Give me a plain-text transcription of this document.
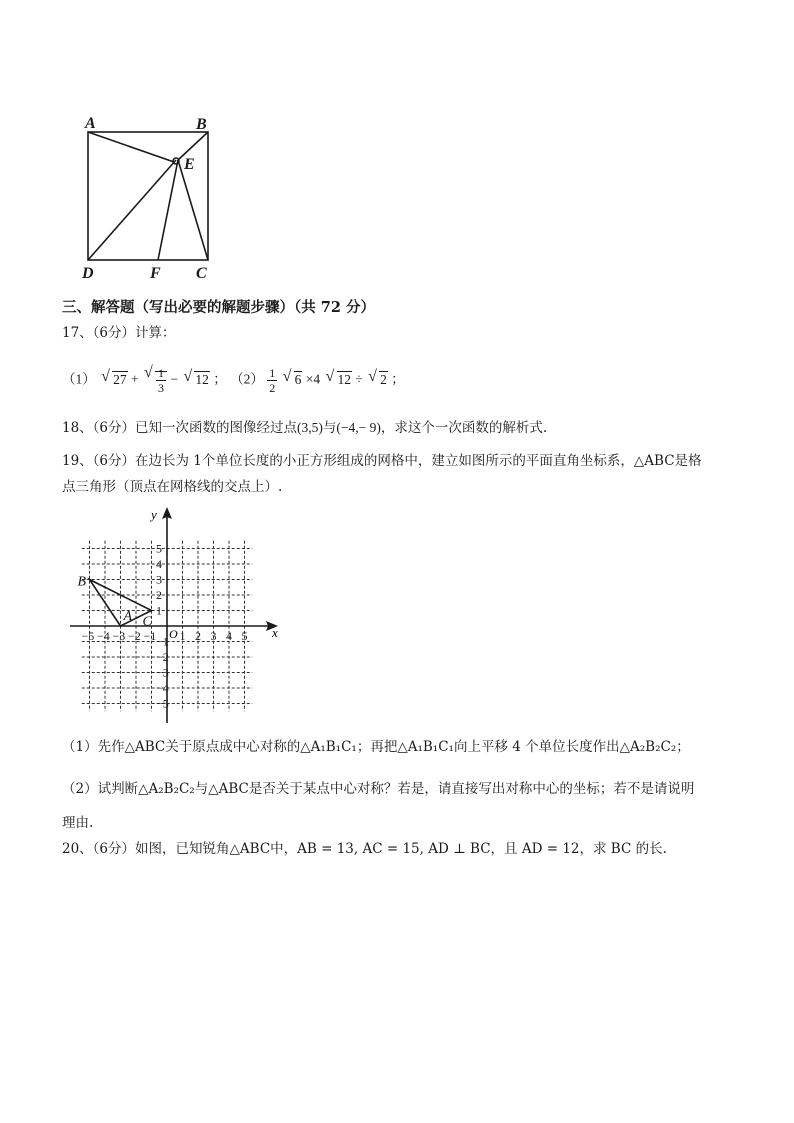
A	B
E
D	F C
三、解答题（写出必要的解题步骤）（共 72 分）
17、（6分）计算：
（1） √ 27 + √ $\frac{1}{3}$ − √ 12 ； $(2) \frac{1}{2}$ √ 6 ×4 √ 12 ÷ √ 2 ；
18、（6分）已知一次函数的图像经过点(3,5)与(−4,− 9)，求这个一次函数的解析式.
19、（6分）在边长为 1个单位长度的小正方形组成的网格中，建立如图所示的平面直角坐标系，△ABC是格
点三角形（顶点在网格线的交点上）.
−5 −4 −3 −2 −1 1 2 3 4 5
1
2
3
4
5
−1
−2
−3
−4
−5
B
A C
x
y
O
（1）先作△ABC关于原点成中心对称的△A₁B₁C₁；再把△A₁B₁C₁向上平移 4 个单位长度作出△A₂B₂C₂；
（2）试判断△A₂B₂C₂与△ABC是否关于某点中心对称？若是，请直接写出对称中心的坐标；若不是请说明
理由.
20、（6分）如图，已知锐角△ABC中，AB = 13, AC = 15, AD ⊥ BC，且 AD = 12，求 BC 的长.
